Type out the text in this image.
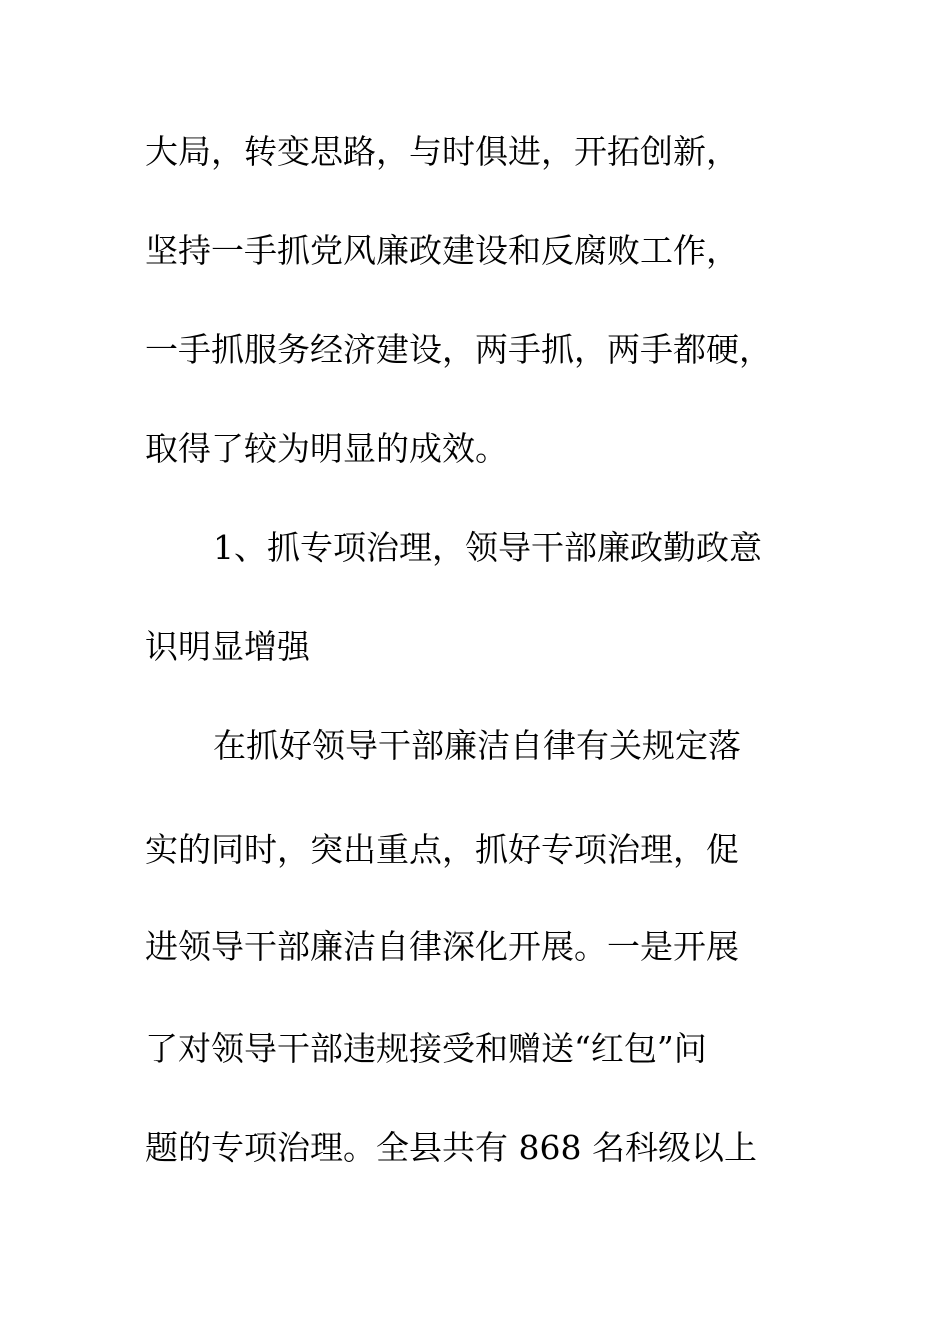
大局，转变思路，与时俱进，开拓创新，
坚持一手抓党风廉政建设和反腐败工作，
一手抓服务经济建设，两手抓，两手都硬，
取得了较为明显的成效。
1、抓专项治理，领导干部廉政勤政意
识明显增强
在抓好领导干部廉洁自律有关规定落
实的同时，突出重点，抓好专项治理，促
进领导干部廉洁自律深化开展。一是开展
了对领导干部违规接受和赠送“红包”问
题的专项治理。全县共有 868 名科级以上
